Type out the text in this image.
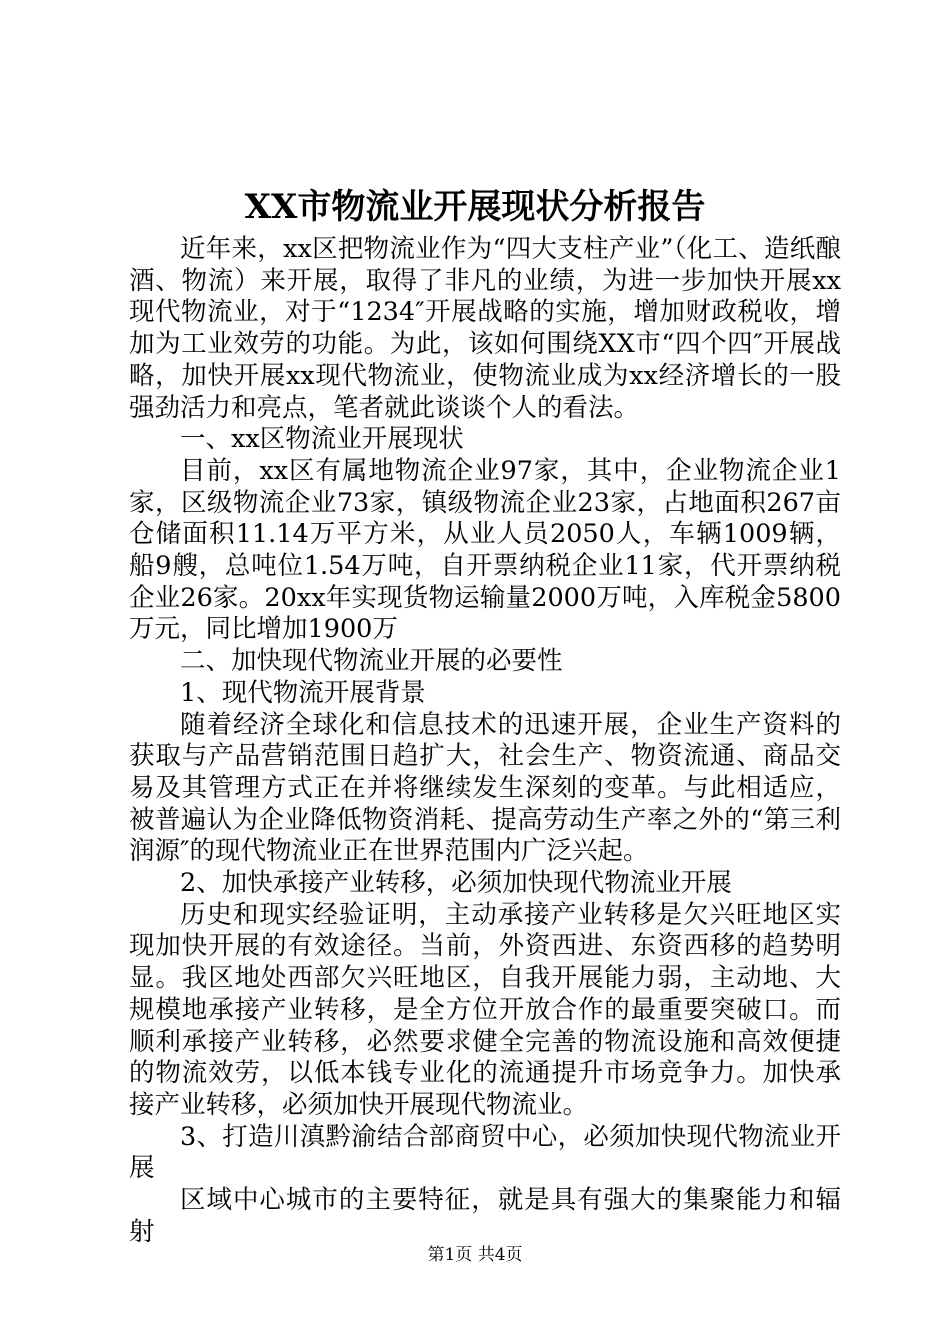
XX市物流业开展现状分析报告

近年来，xx区把物流业作为“四大支柱产业”（化工、造纸酿酒、物流）来开展，取得了非凡的业绩，为进一步加快开展xx现代物流业，对于“1234″开展战略的实施，增加财政税收，增加为工业效劳的功能。为此，该如何围绕XX市“四个四″开展战略，加快开展xx现代物流业，使物流业成为xx经济增长的一股强劲活力和亮点，笔者就此谈谈个人的看法。

一、xx区物流业开展现状

目前，xx区有属地物流企业97家，其中，企业物流企业1家，区级物流企业73家，镇级物流企业23家，占地面积267亩仓储面积11.14万平方米，从业人员2050人，车辆1009辆，船9艘，总吨位1.54万吨，自开票纳税企业11家，代开票纳税企业26家。20xx年实现货物运输量2000万吨，入库税金5800万元，同比增加1900万

二、加快现代物流业开展的必要性

1、现代物流开展背景

随着经济全球化和信息技术的迅速开展，企业生产资料的获取与产品营销范围日趋扩大，社会生产、物资流通、商品交易及其管理方式正在并将继续发生深刻的变革。与此相适应，被普遍认为企业降低物资消耗、提高劳动生产率之外的“第三利润源″的现代物流业正在世界范围内广泛兴起。

2、加快承接产业转移，必须加快现代物流业开展

历史和现实经验证明，主动承接产业转移是欠兴旺地区实现加快开展的有效途径。当前，外资西进、东资西移的趋势明显。我区地处西部欠兴旺地区，自我开展能力弱，主动地、大规模地承接产业转移，是全方位开放合作的最重要突破口。而顺利承接产业转移，必然要求健全完善的物流设施和高效便捷的物流效劳，以低本钱专业化的流通提升市场竞争力。加快承接产业转移，必须加快开展现代物流业。

3、打造川滇黔渝结合部商贸中心，必须加快现代物流业开展

区域中心城市的主要特征，就是具有强大的集聚能力和辐射

第1页 共4页
